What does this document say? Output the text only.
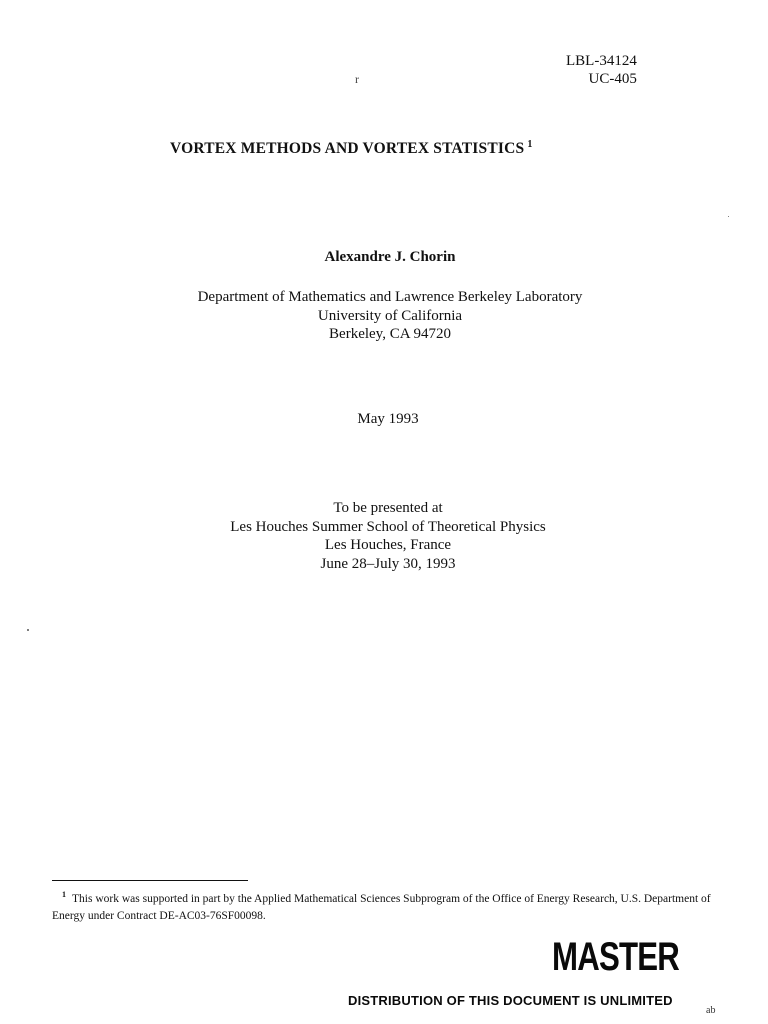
LBL-34124
UC-405
r
VORTEX METHODS AND VORTEX STATISTICS $^1$
Alexandre J. Chorin
Department of Mathematics and Lawrence Berkeley Laboratory
University of California
Berkeley, CA 94720
May 1993
To be presented at
Les Houches Summer School of Theoretical Physics
Les Houches, France
June 28–July 30, 1993
$^1$ This work was supported in part by the Applied Mathematical Sciences Subprogram of the Office of Energy Research, U.S. Department of Energy under Contract DE-AC03-76SF00098.
MASTER
DISTRIBUTION OF THIS DOCUMENT IS UNLIMITED
ab
